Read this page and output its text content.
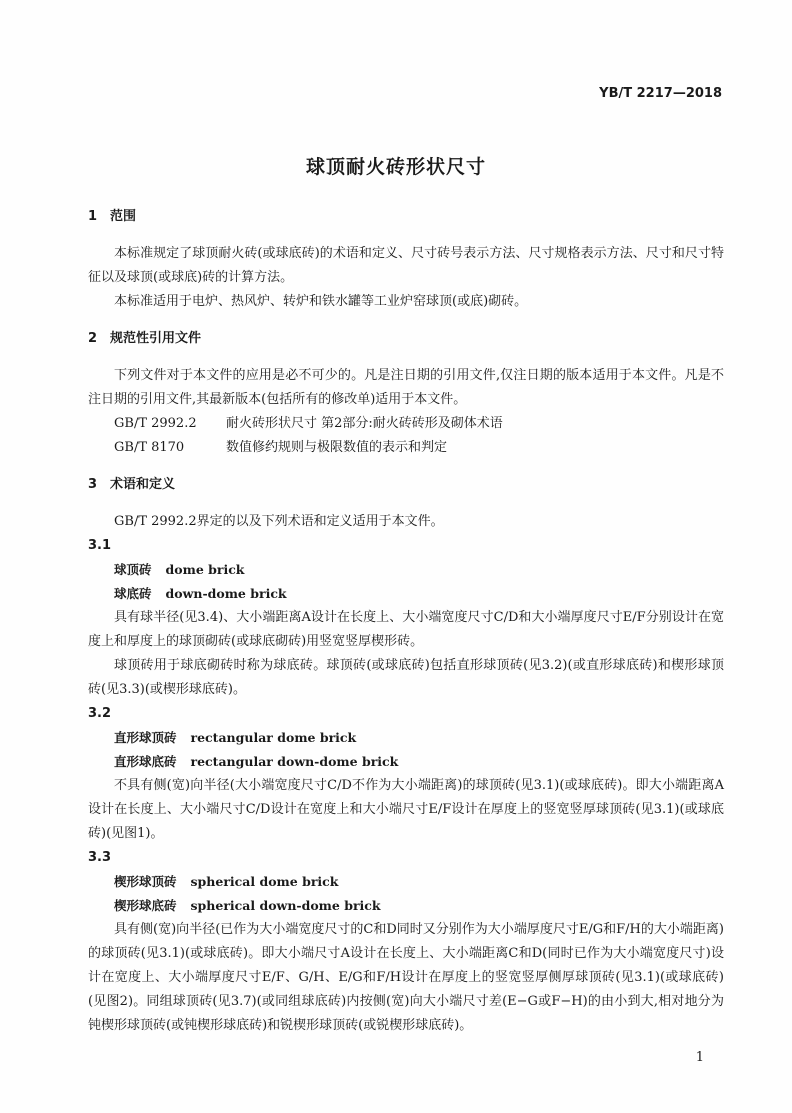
YB/T 2217—2018
球顶耐火砖形状尺寸
1 范围

本标准规定了球顶耐火砖(或球底砖)的术语和定义、尺寸砖号表示方法、尺寸规格表示方法、尺寸和尺寸特征以及球顶(或球底)砖的计算方法。

本标准适用于电炉、热风炉、转炉和铁水罐等工业炉窑球顶(或底)砌砖。

2 规范性引用文件

下列文件对于本文件的应用是必不可少的。凡是注日期的引用文件,仅注日期的版本适用于本文件。凡是不注日期的引用文件,其最新版本(包括所有的修改单)适用于本文件。

GB/T 2992.2 耐火砖形状尺寸 第2部分:耐火砖砖形及砌体术语

GB/T 8170	数值修约规则与极限数值的表示和判定

3 术语和定义

GB/T 2992.2界定的以及下列术语和定义适用于本文件。

3.1
球顶砖 dome brick
球底砖 down-dome brick

具有球半径(见3.4)、大小端距离A设计在长度上、大小端宽度尺寸C/D和大小端厚度尺寸E/F分别设计在宽度上和厚度上的球顶砌砖(或球底砌砖)用竖宽竖厚楔形砖。

球顶砖用于球底砌砖时称为球底砖。球顶砖(或球底砖)包括直形球顶砖(见3.2)(或直形球底砖)和楔形球顶砖(见3.3)(或楔形球底砖)。

3.2
直形球顶砖 rectangular dome brick
直形球底砖 rectangular down-dome brick

不具有侧(宽)向半径(大小端宽度尺寸C/D不作为大小端距离)的球顶砖(见3.1)(或球底砖)。即大小端距离A设计在长度上、大小端尺寸C/D设计在宽度上和大小端尺寸E/F设计在厚度上的竖宽竖厚球顶砖(见3.1)(或球底砖)(见图1)。

3.3
楔形球顶砖 spherical dome brick
楔形球底砖 spherical down-dome brick

具有侧(宽)向半径(已作为大小端宽度尺寸的C和D同时又分别作为大小端厚度尺寸E/G和F/H的大小端距离)的球顶砖(见3.1)(或球底砖)。即大小端尺寸A设计在长度上、大小端距离C和D(同时已作为大小端宽度尺寸)设计在宽度上、大小端厚度尺寸E/F、G/H、E/G和F/H设计在厚度上的竖宽竖厚侧厚球顶砖(见3.1)(或球底砖)(见图2)。同组球顶砖(见3.7)(或同组球底砖)内按侧(宽)向大小端尺寸差(E−G或F−H)的由小到大,相对地分为钝楔形球顶砖(或钝楔形球底砖)和锐楔形球顶砖(或锐楔形球底砖)。

1
